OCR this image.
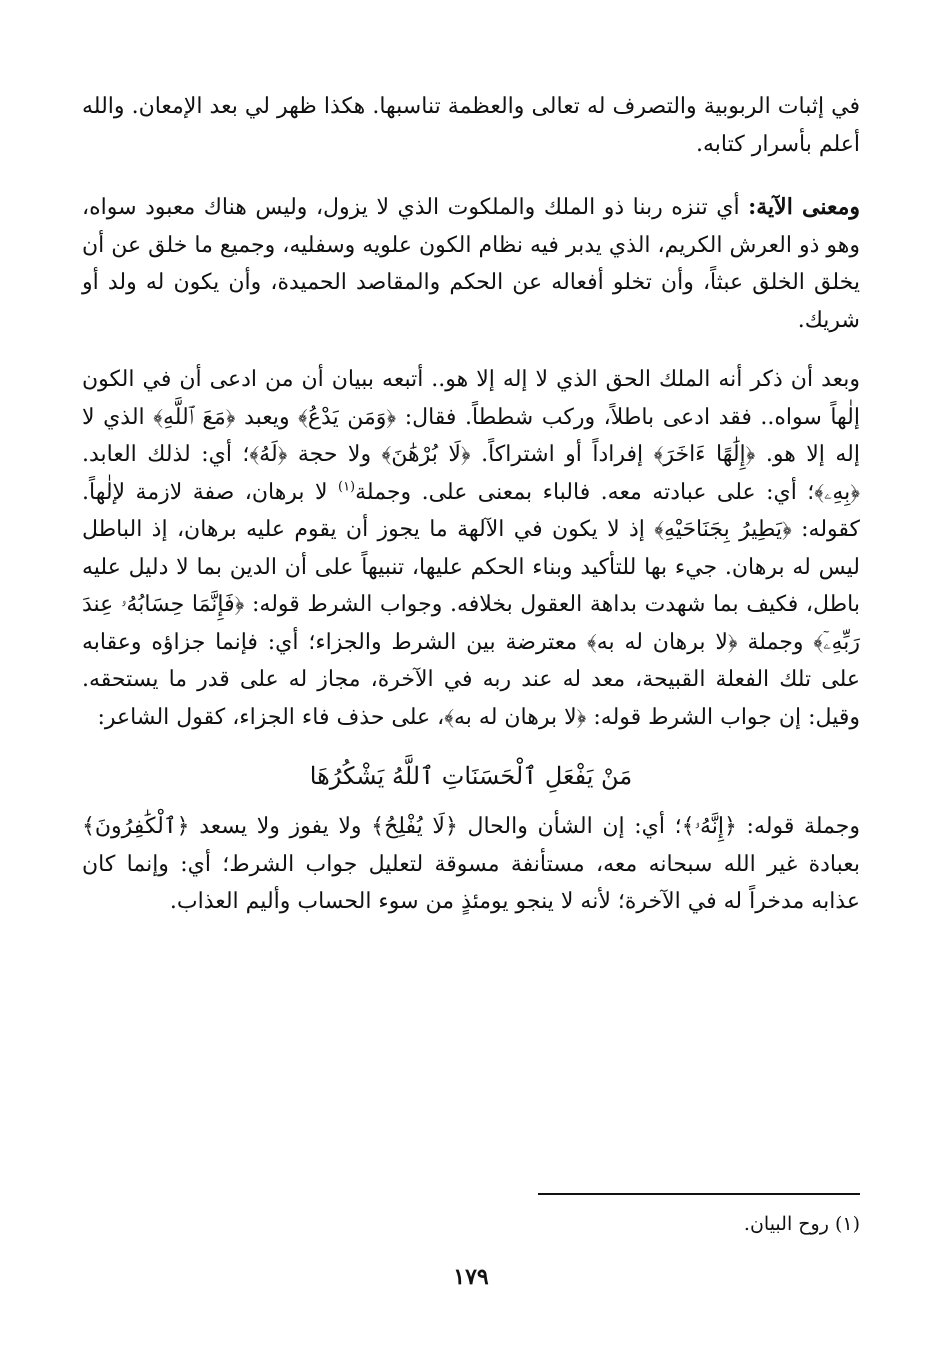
في إثبات الربوبية والتصرف له تعالى والعظمة تناسبها. هكذا ظهر لي بعد الإمعان. والله أعلم بأسرار كتابه.

ومعنى الآية: أي تنزه ربنا ذو الملك والملكوت الذي لا يزول، وليس هناك معبود سواه، وهو ذو العرش الكريم، الذي يدبر فيه نظام الكون علويه وسفليه، وجميع ما خلق عن أن يخلق الخلق عبثاً، وأن تخلو أفعاله عن الحكم والمقاصد الحميدة، وأن يكون له ولد أو شريك.

وبعد أن ذكر أنه الملك الحق الذي لا إله إلا هو.. أتبعه ببيان أن من ادعى أن في الكون إلٰهاً سواه.. فقد ادعى باطلاً، وركب شططاً. فقال: ﴿وَمَن يَدْعُ﴾ ويعبد ﴿مَعَ ٱللَّهِ﴾ الذي لا إله إلا هو. ﴿إِلَٰهًا ءَاخَرَ﴾ إفراداً أو اشتراكاً. ﴿لَا بُرْهَٰنَ﴾ ولا حجة ﴿لَهُ﴾؛ أي: لذلك العابد. ﴿بِهِۦ﴾؛ أي: على عبادته معه. فالباء بمعنى على. وجملة$^{(١)}$ لا برهان، صفة لازمة لإلٰهاً. كقوله: ﴿يَطِيرُ بِجَنَاحَيْهِ﴾ إذ لا يكون في الآلهة ما يجوز أن يقوم عليه برهان، إذ الباطل ليس له برهان. جيء بها للتأكيد وبناء الحكم عليها، تنبيهاً على أن الدين بما لا دليل عليه باطل، فكيف بما شهدت بداهة العقول بخلافه. وجواب الشرط قوله: ﴿فَإِنَّمَا حِسَابُهُۥ عِندَ رَبِّهِۦٓ﴾ وجملة ﴿لا برهان له به﴾ معترضة بين الشرط والجزاء؛ أي: فإنما جزاؤه وعقابه على تلك الفعلة القبيحة، معد له عند ربه في الآخرة، مجاز له على قدر ما يستحقه. وقيل: إن جواب الشرط قوله: ﴿لا برهان له به﴾، على حذف فاء الجزاء، كقول الشاعر:

مَنْ يَفْعَلِ ٱلْحَسَنَاتِ ٱللَّهُ يَشْكُرُهَا

وجملة قوله: ﴿إِنَّهُۥ﴾؛ أي: إن الشأن والحال ﴿لَا يُفْلِحُ﴾ ولا يفوز ولا يسعد ﴿ٱلْكَٰفِرُونَ﴾ بعبادة غير الله سبحانه معه، مستأنفة مسوقة لتعليل جواب الشرط؛ أي: وإنما كان عذابه مدخراً له في الآخرة؛ لأنه لا ينجو يومئذٍ من سوء الحساب وأليم العذاب.

(١) روح البيان.
١٧٩
